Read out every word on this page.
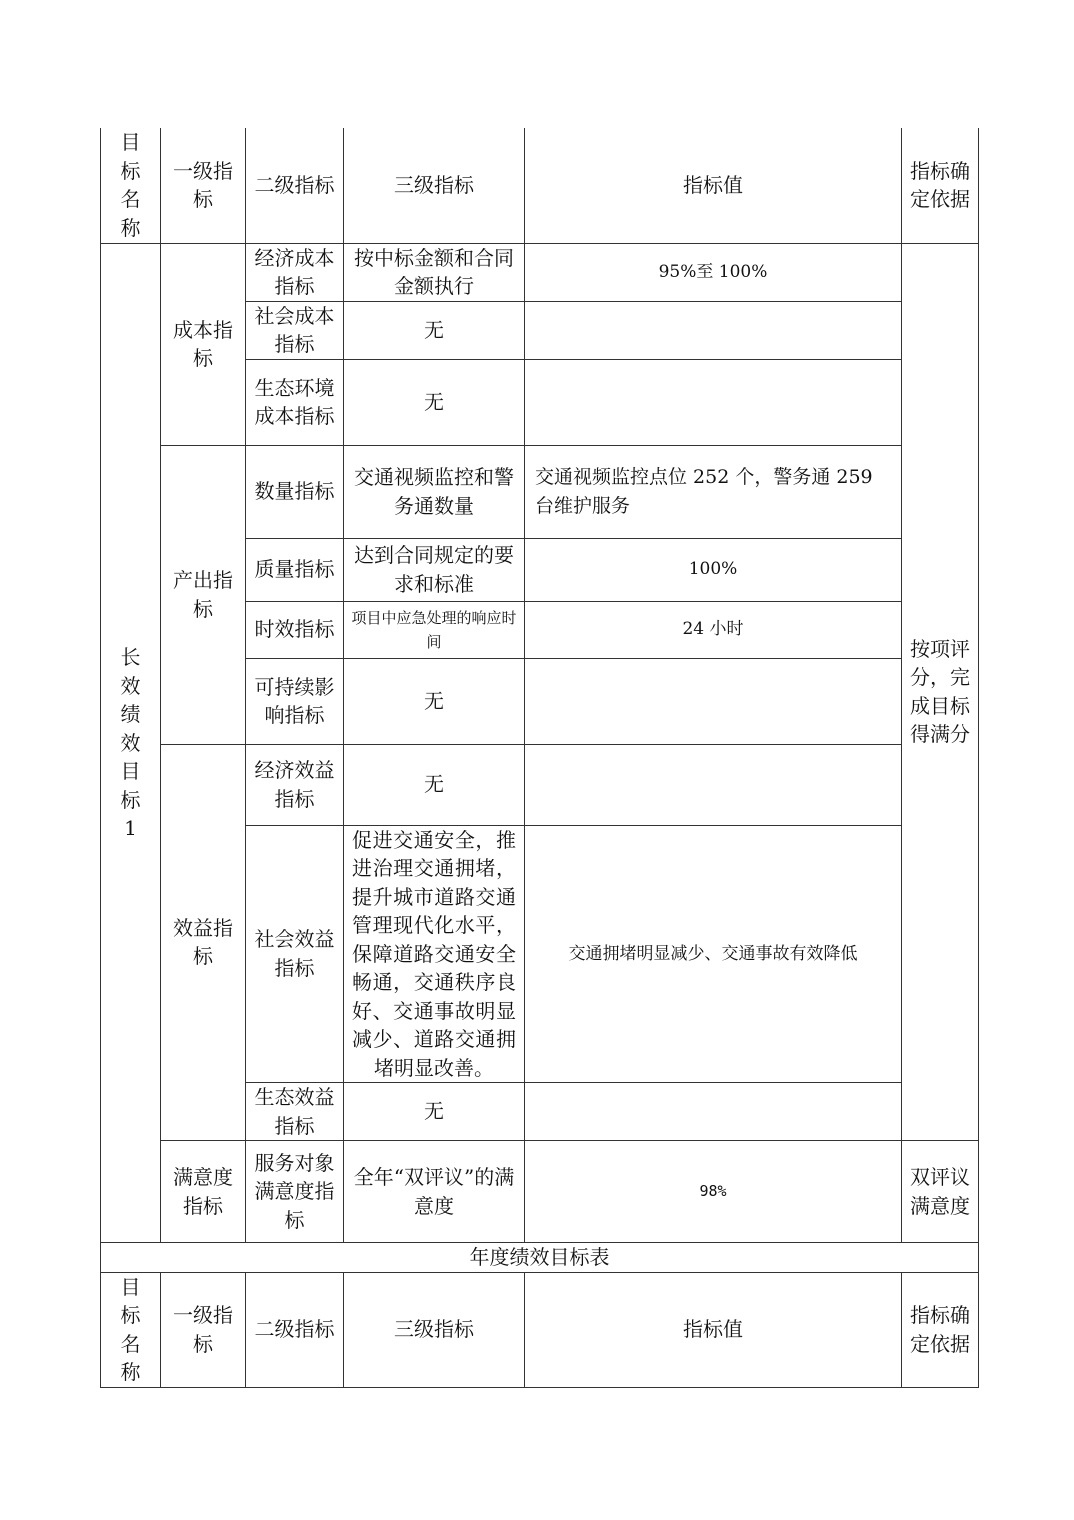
目标名称	一级指标	二级指标	三级指标	指标值	指标确定依据
长效绩效目标 1	成本指标	经济成本指标	按中标金额和合同金额执行	95%至 100%	按项评分，完成目标得满分
		社会成本指标	无		
		生态环境成本指标	无		
	产出指标	数量指标	交通视频监控和警务通数量	交通视频监控点位 252 个，警务通 259 台维护服务	
		质量指标	达到合同规定的要求和标准	100%	
		时效指标	项目中应急处理的响应时间	24 小时	
		可持续影响指标	无		
	效益指标	经济效益指标	无		
		社会效益指标	促进交通安全，推进治理交通拥堵，提升城市道路交通管理现代化水平，保障道路交通安全畅通，交通秩序良好、交通事故明显减少、道路交通拥堵明显改善。	交通拥堵明显减少、交通事故有效降低	
		生态效益指标	无		
	满意度指标	服务对象满意度指标	全年“双评议”的满意度	98%	双评议满意度
年度绩效目标表					
目标名称	一级指标	二级指标	三级指标	指标值	指标确定依据
